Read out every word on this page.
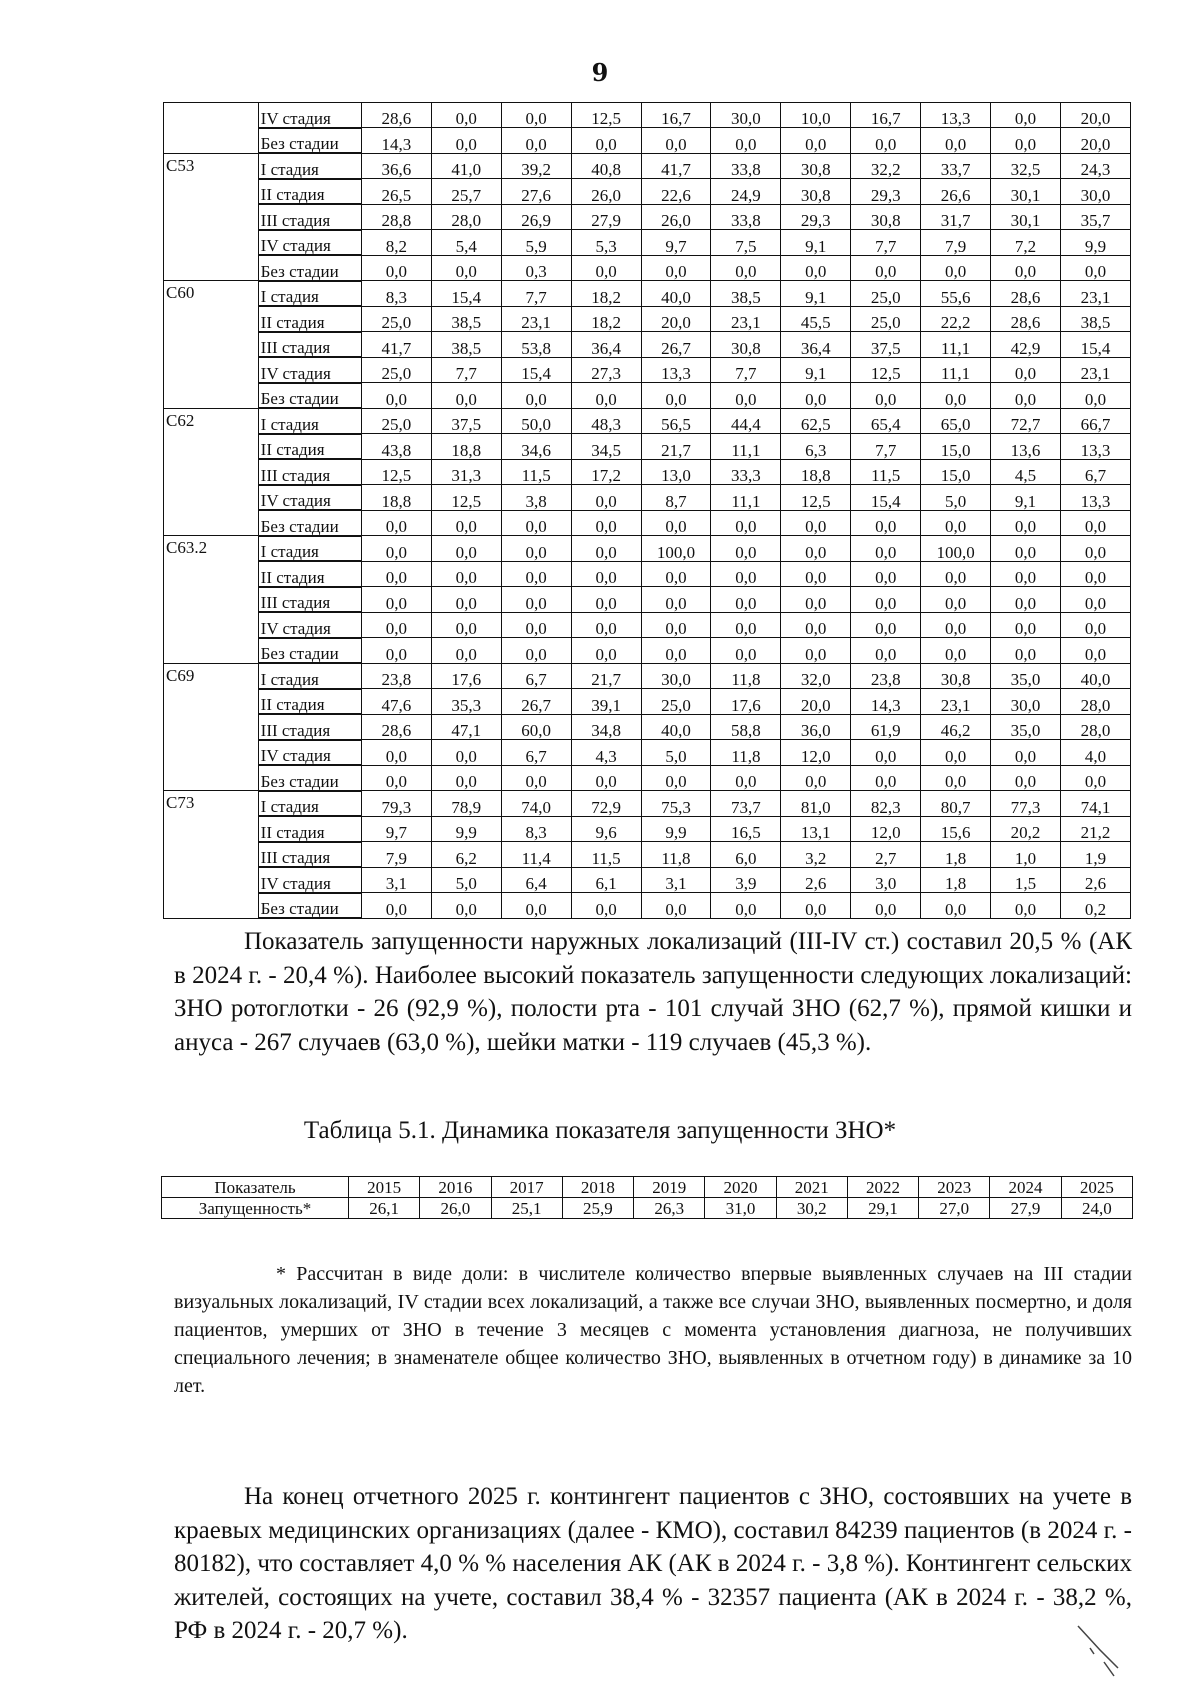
9
	IV стадия	28,6	0,0	0,0	12,5	16,7	30,0	10,0	16,7	13,3	0,0	20,0
	Без стадии	14,3	0,0	0,0	0,0	0,0	0,0	0,0	0,0	0,0	0,0	20,0
C53	I стадия	36,6	41,0	39,2	40,8	41,7	33,8	30,8	32,2	33,7	32,5	24,3
	II стадия	26,5	25,7	27,6	26,0	22,6	24,9	30,8	29,3	26,6	30,1	30,0
	III стадия	28,8	28,0	26,9	27,9	26,0	33,8	29,3	30,8	31,7	30,1	35,7
	IV стадия	8,2	5,4	5,9	5,3	9,7	7,5	9,1	7,7	7,9	7,2	9,9
	Без стадии	0,0	0,0	0,3	0,0	0,0	0,0	0,0	0,0	0,0	0,0	0,0
C60	I стадия	8,3	15,4	7,7	18,2	40,0	38,5	9,1	25,0	55,6	28,6	23,1
	II стадия	25,0	38,5	23,1	18,2	20,0	23,1	45,5	25,0	22,2	28,6	38,5
	III стадия	41,7	38,5	53,8	36,4	26,7	30,8	36,4	37,5	11,1	42,9	15,4
	IV стадия	25,0	7,7	15,4	27,3	13,3	7,7	9,1	12,5	11,1	0,0	23,1
	Без стадии	0,0	0,0	0,0	0,0	0,0	0,0	0,0	0,0	0,0	0,0	0,0
C62	I стадия	25,0	37,5	50,0	48,3	56,5	44,4	62,5	65,4	65,0	72,7	66,7
	II стадия	43,8	18,8	34,6	34,5	21,7	11,1	6,3	7,7	15,0	13,6	13,3
	III стадия	12,5	31,3	11,5	17,2	13,0	33,3	18,8	11,5	15,0	4,5	6,7
	IV стадия	18,8	12,5	3,8	0,0	8,7	11,1	12,5	15,4	5,0	9,1	13,3
	Без стадии	0,0	0,0	0,0	0,0	0,0	0,0	0,0	0,0	0,0	0,0	0,0
C63.2	I стадия	0,0	0,0	0,0	0,0	100,0	0,0	0,0	0,0	100,0	0,0	0,0
	II стадия	0,0	0,0	0,0	0,0	0,0	0,0	0,0	0,0	0,0	0,0	0,0
	III стадия	0,0	0,0	0,0	0,0	0,0	0,0	0,0	0,0	0,0	0,0	0,0
	IV стадия	0,0	0,0	0,0	0,0	0,0	0,0	0,0	0,0	0,0	0,0	0,0
	Без стадии	0,0	0,0	0,0	0,0	0,0	0,0	0,0	0,0	0,0	0,0	0,0
C69	I стадия	23,8	17,6	6,7	21,7	30,0	11,8	32,0	23,8	30,8	35,0	40,0
	II стадия	47,6	35,3	26,7	39,1	25,0	17,6	20,0	14,3	23,1	30,0	28,0
	III стадия	28,6	47,1	60,0	34,8	40,0	58,8	36,0	61,9	46,2	35,0	28,0
	IV стадия	0,0	0,0	6,7	4,3	5,0	11,8	12,0	0,0	0,0	0,0	4,0
	Без стадии	0,0	0,0	0,0	0,0	0,0	0,0	0,0	0,0	0,0	0,0	0,0
C73	I стадия	79,3	78,9	74,0	72,9	75,3	73,7	81,0	82,3	80,7	77,3	74,1
	II стадия	9,7	9,9	8,3	9,6	9,9	16,5	13,1	12,0	15,6	20,2	21,2
	III стадия	7,9	6,2	11,4	11,5	11,8	6,0	3,2	2,7	1,8	1,0	1,9
	IV стадия	3,1	5,0	6,4	6,1	3,1	3,9	2,6	3,0	1,8	1,5	2,6
	Без стадии	0,0	0,0	0,0	0,0	0,0	0,0	0,0	0,0	0,0	0,0	0,2

Показатель запущенности наружных локализаций (III-IV ст.) составил 20,5 % (АК в 2024 г. - 20,4 %). Наиболее высокий показатель запущенности следующих локализаций: ЗНО ротоглотки - 26 (92,9 %), полости рта - 101 случай ЗНО (62,7 %), прямой кишки и ануса - 267 случаев (63,0 %), шейки матки - 119 случаев (45,3 %).

Таблица 5.1. Динамика показателя запущенности ЗНО*

Показатель	2015	2016	2017	2018	2019	2020	2021	2022	2023	2024	2025
Запущенность*	26,1	26,0	25,1	25,9	26,3	31,0	30,2	29,1	27,0	27,9	24,0

* Рассчитан в виде доли: в числителе количество впервые выявленных случаев на III стадии визуальных локализаций, IV стадии всех локализаций, а также все случаи ЗНО, выявленных посмертно, и доля пациентов, умерших от ЗНО в течение 3 месяцев с момента установления диагноза, не получивших специального лечения; в знаменателе общее количество ЗНО, выявленных в отчетном году) в динамике за 10 лет.

На конец отчетного 2025 г. контингент пациентов с ЗНО, состоявших на учете в краевых медицинских организациях (далее - КМО), составил 84239 пациентов (в 2024 г. - 80182), что составляет 4,0 % % населения АК (АК в 2024 г. - 3,8 %). Контингент сельских жителей, состоящих на учете, составил 38,4 % - 32357 пациента (АК в 2024 г. - 38,2 %, РФ в 2024 г. - 20,7 %).
